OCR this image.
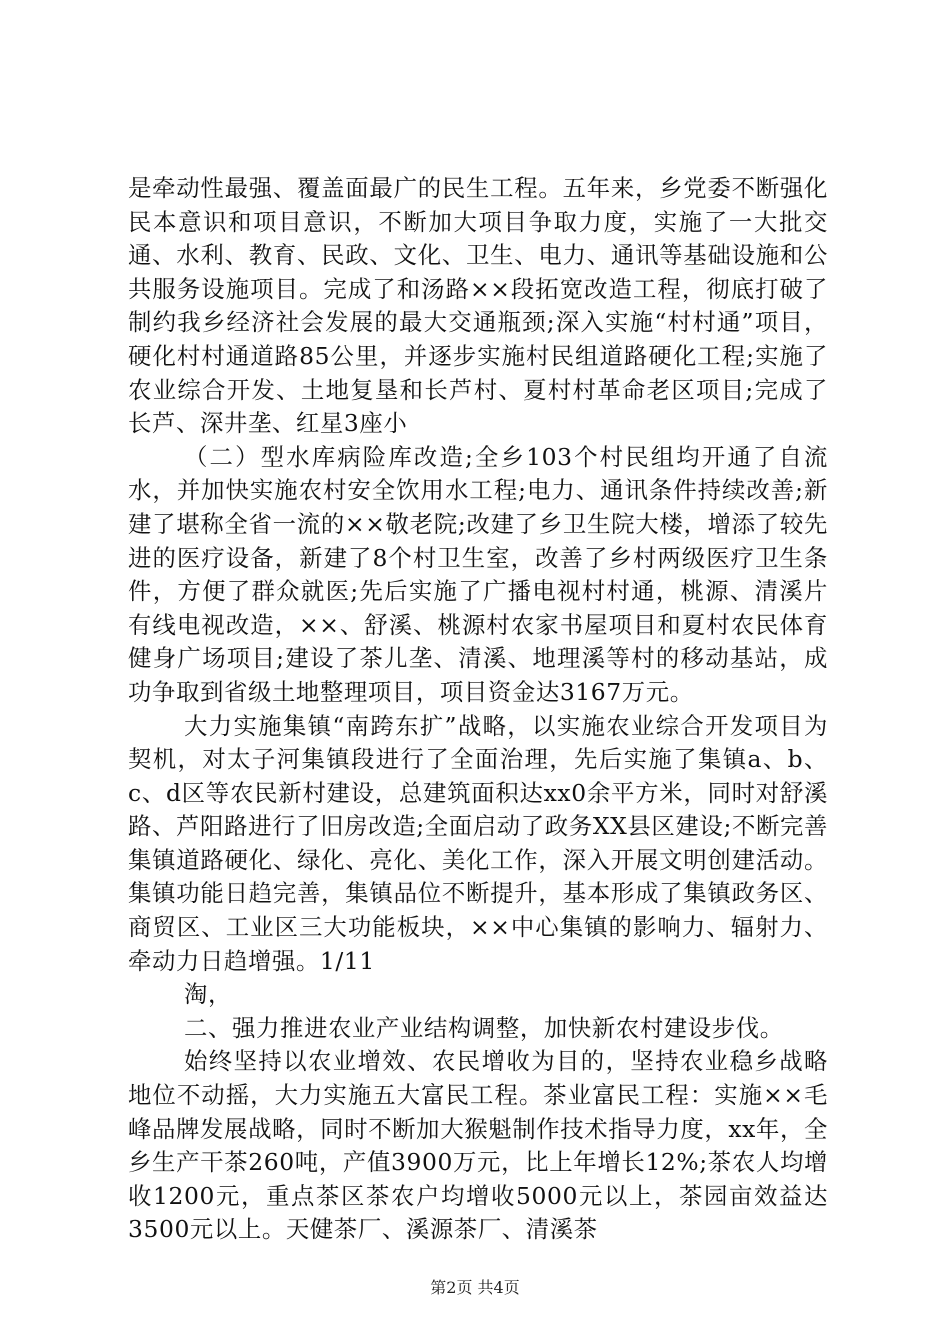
是牵动性最强、覆盖面最广的民生工程。五年来，乡党委不断强化民本意识和项目意识，不断加大项目争取力度，实施了一大批交通、水利、教育、民政、文化、卫生、电力、通讯等基础设施和公共服务设施项目。完成了和汤路××段拓宽改造工程，彻底打破了制约我乡经济社会发展的最大交通瓶颈;深入实施“村村通”项目，硬化村村通道路85公里，并逐步实施村民组道路硬化工程;实施了农业综合开发、土地复垦和长芦村、夏村村革命老区项目;完成了长芦、深井垄、红星3座小

（二）型水库病险库改造;全乡103个村民组均开通了自流水，并加快实施农村安全饮用水工程;电力、通讯条件持续改善;新建了堪称全省一流的××敬老院;改建了乡卫生院大楼，增添了较先进的医疗设备，新建了8个村卫生室，改善了乡村两级医疗卫生条件，方便了群众就医;先后实施了广播电视村村通，桃源、清溪片有线电视改造，××、舒溪、桃源村农家书屋项目和夏村农民体育健身广场项目;建设了茶儿垄、清溪、地理溪等村的移动基站，成功争取到省级土地整理项目，项目资金达3167万元。

大力实施集镇“南跨东扩”战略，以实施农业综合开发项目为契机，对太子河集镇段进行了全面治理，先后实施了集镇a、b、c、d区等农民新村建设，总建筑面积达xx0余平方米，同时对舒溪路、芦阳路进行了旧房改造;全面启动了政务XX县区建设;不断完善集镇道路硬化、绿化、亮化、美化工作，深入开展文明创建活动。集镇功能日趋完善，集镇品位不断提升，基本形成了集镇政务区、商贸区、工业区三大功能板块，××中心集镇的影响力、辐射力、牵动力日趋增强。1/11

淘，

二、强力推进农业产业结构调整，加快新农村建设步伐。

始终坚持以农业增效、农民增收为目的，坚持农业稳乡战略地位不动摇，大力实施五大富民工程。茶业富民工程：实施××毛峰品牌发展战略，同时不断加大猴魁制作技术指导力度，xx年，全乡生产干茶260吨，产值3900万元，比上年增长12%;茶农人均增收1200元，重点茶区茶农户均增收5000元以上，茶园亩效益达3500元以上。天健茶厂、溪源茶厂、清溪茶

第2页 共4页
